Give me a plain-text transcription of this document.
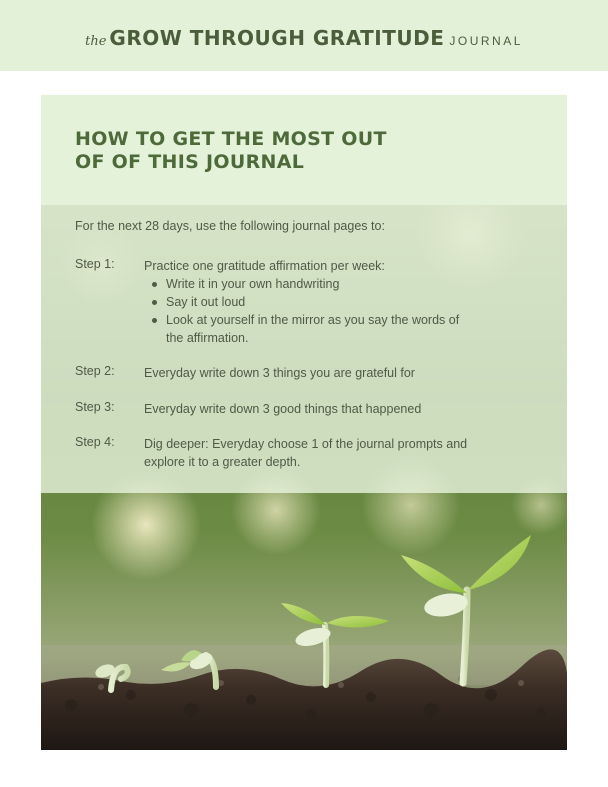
the GROW THROUGH GRATITUDE JOURNAL
HOW TO GET THE MOST OUT
OF OF THIS JOURNAL
For the next 28 days, use the following journal pages to:
Step 1: Practice one gratitude affirmation per week:
Write it in your own handwriting
Say it out loud
Look at yourself in the mirror as you say the words of the affirmation.
Step 2: Everyday write down 3 things you are grateful for
Step 3: Everyday write down 3 good things that happened
Step 4: Dig deeper: Everyday choose 1 of the journal prompts and explore it to a greater depth.
